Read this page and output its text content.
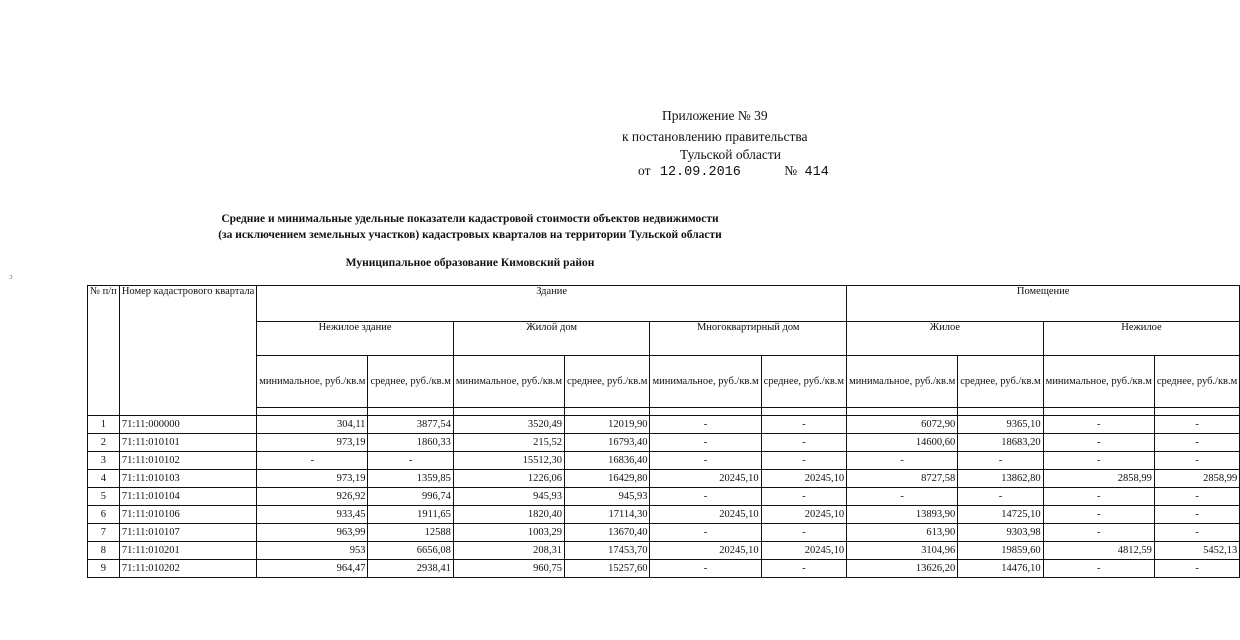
Приложение № 39
к постановлению правительства
Тульской области
от 12.09.2016	№ 414
Средние и минимальные удельные показатели кадастровой стоимости объектов недвижимости
(за исключением земельных участков) кадастровых кварталов на территории Тульской области
Муниципальное образование Кимовский район
ɔ
№ п/п	Номер кадастрового квартала	Здание						Помещение			
		Нежилое здание		Жилой дом		Многоквартирный дом		Жилое		Нежилое	
		минимальное, руб./кв.м	среднее, руб./кв.м	минимальное, руб./кв.м	среднее, руб./кв.м	минимальное, руб./кв.м	среднее, руб./кв.м	минимальное, руб./кв.м	среднее, руб./кв.м	минимальное, руб./кв.м	среднее, руб./кв.м

1	71:11:000000	304,11	3877,54	3520,49	12019,90	-	-	6072,90	9365,10	-	-
2	71:11:010101	973,19	1860,33	215,52	16793,40	-	-	14600,60	18683,20	-	-
3	71:11:010102	-	-	15512,30	16836,40	-	-	-	-	-	-
4	71:11:010103	973,19	1359,85	1226,06	16429,80	20245,10	20245,10	8727,58	13862,80	2858,99	2858,99
5	71:11:010104	926,92	996,74	945,93	945,93	-	-	-	-	-	-
6	71:11:010106	933,45	1911,65	1820,40	17114,30	20245,10	20245,10	13893,90	14725,10	-	-
7	71:11:010107	963,99	12588	1003,29	13670,40	-	-	613,90	9303,98	-	-
8	71:11:010201	953	6656,08	208,31	17453,70	20245,10	20245,10	3104,96	19859,60	4812,59	5452,13
9	71:11:010202	964,47	2938,41	960,75	15257,60	-	-	13626,20	14476,10	-	-
